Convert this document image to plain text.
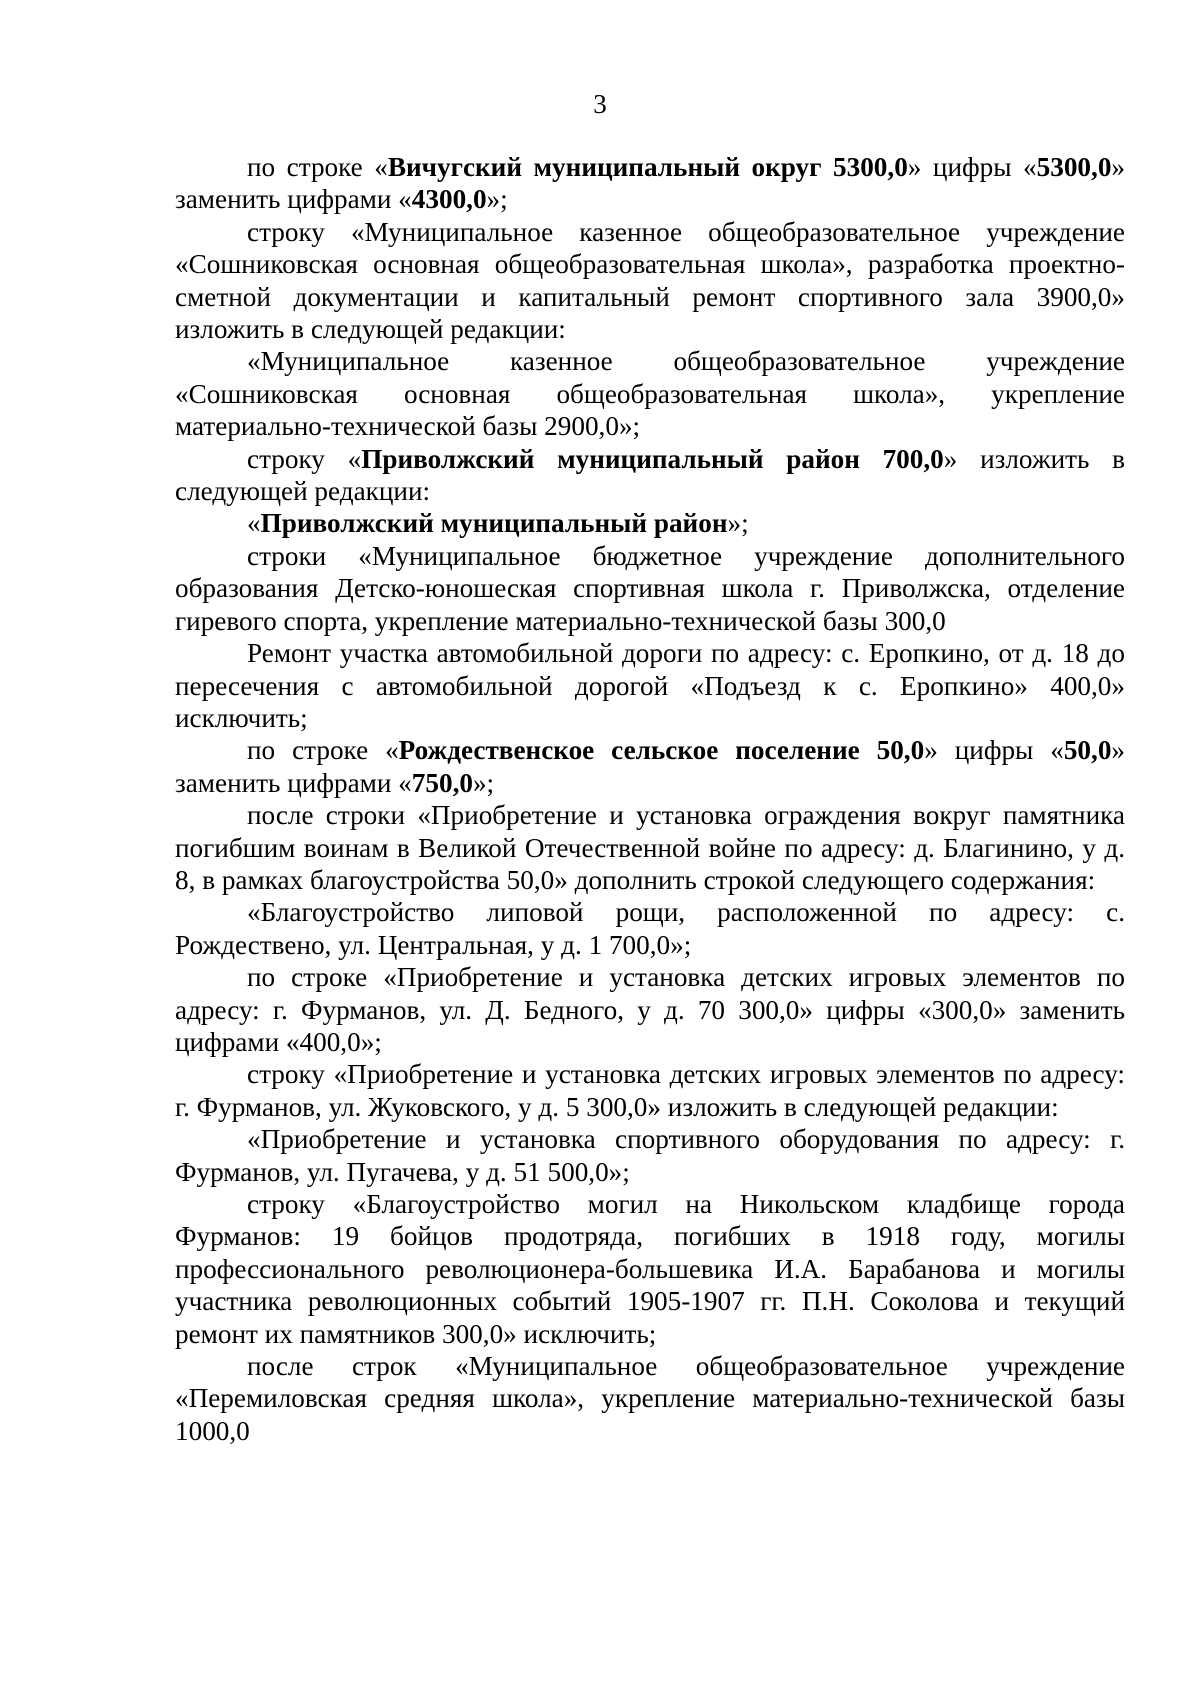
3

по строке «Вичугский муниципальный округ 5300,0» цифры «5300,0» заменить цифрами «4300,0»;

строку «Муниципальное казенное общеобразовательное учреждение «Сошниковская основная общеобразовательная школа», разработка проектно-сметной документации и капитальный ремонт спортивного зала 3900,0» изложить в следующей редакции:

«Муниципальное казенное общеобразовательное учреждение «Сошниковская основная общеобразовательная школа», укрепление материально-технической базы 2900,0»;

строку «Приволжский муниципальный район 700,0» изложить в следующей редакции:

«Приволжский муниципальный район»;

строки «Муниципальное бюджетное учреждение дополнительного образования Детско-юношеская спортивная школа г. Приволжска, отделение гиревого спорта, укрепление материально-технической базы 300,0

Ремонт участка автомобильной дороги по адресу: с. Еропкино, от д. 18 до пересечения с автомобильной дорогой «Подъезд к с. Еропкино» 400,0» исключить;

по строке «Рождественское сельское поселение 50,0» цифры «50,0» заменить цифрами «750,0»;

после строки «Приобретение и установка ограждения вокруг памятника погибшим воинам в Великой Отечественной войне по адресу: д. Благинино, у д. 8, в рамках благоустройства 50,0» дополнить строкой следующего содержания:

«Благоустройство липовой рощи, расположенной по адресу: с. Рождествено, ул. Центральная, у д. 1 700,0»;

по строке «Приобретение и установка детских игровых элементов по адресу: г. Фурманов, ул. Д. Бедного, у д. 70 300,0» цифры «300,0» заменить цифрами «400,0»;

строку «Приобретение и установка детских игровых элементов по адресу: г. Фурманов, ул. Жуковского, у д. 5 300,0» изложить в следующей редакции:

«Приобретение и установка спортивного оборудования по адресу: г. Фурманов, ул. Пугачева, у д. 51 500,0»;

строку «Благоустройство могил на Никольском кладбище города Фурманов: 19 бойцов продотряда, погибших в 1918 году, могилы профессионального революционера-большевика И.А. Барабанова и могилы участника революционных событий 1905-1907 гг. П.Н. Соколова и текущий ремонт их памятников 300,0» исключить;

после строк «Муниципальное общеобразовательное учреждение «Перемиловская средняя школа», укрепление материально-технической базы 1000,0
